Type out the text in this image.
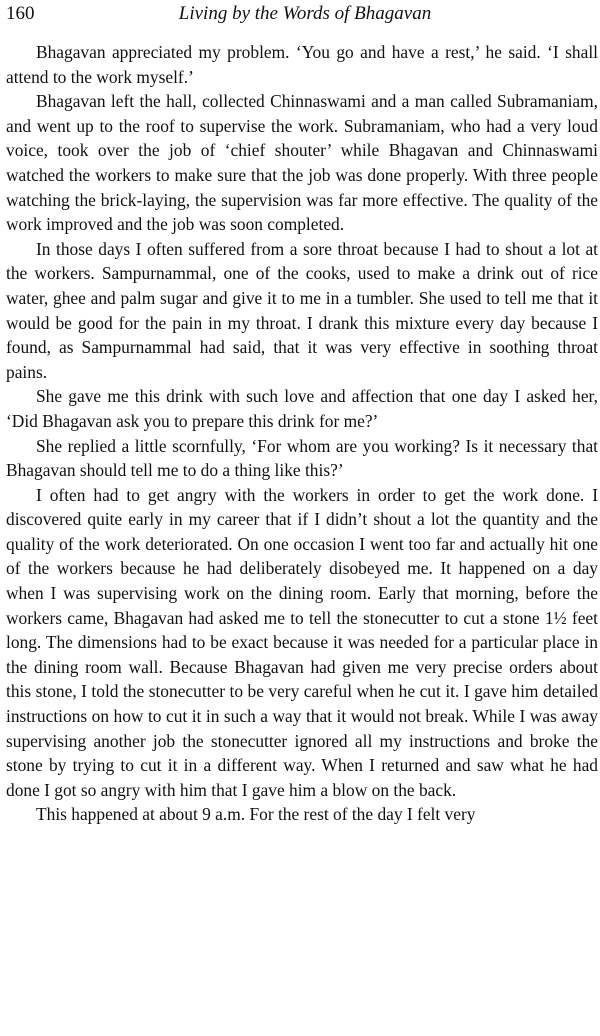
160	Living by the Words of Bhagavan

Bhagavan appreciated my problem. ‘You go and have a rest,’ he said. ‘I shall attend to the work myself.’

Bhagavan left the hall, collected Chinnaswami and a man called Subramaniam, and went up to the roof to supervise the work. Subramaniam, who had a very loud voice, took over the job of ‘chief shouter’ while Bhagavan and Chinnaswami watched the workers to make sure that the job was done properly. With three people watching the brick-laying, the supervision was far more effective. The quality of the work improved and the job was soon completed.

In those days I often suffered from a sore throat because I had to shout a lot at the workers. Sampurnammal, one of the cooks, used to make a drink out of rice water, ghee and palm sugar and give it to me in a tumbler. She used to tell me that it would be good for the pain in my throat. I drank this mixture every day because I found, as Sampurnammal had said, that it was very effective in soothing throat pains.

She gave me this drink with such love and affection that one day I asked her, ‘Did Bhagavan ask you to prepare this drink for me?’

She replied a little scornfully, ‘For whom are you working? Is it necessary that Bhagavan should tell me to do a thing like this?’

I often had to get angry with the workers in order to get the work done. I discovered quite early in my career that if I didn’t shout a lot the quantity and the quality of the work deteriorated. On one occasion I went too far and actually hit one of the workers because he had deliberately disobeyed me. It happened on a day when I was supervising work on the dining room. Early that morning, before the workers came, Bhagavan had asked me to tell the stonecutter to cut a stone 1½ feet long. The dimensions had to be exact because it was needed for a particular place in the dining room wall. Because Bhagavan had given me very precise orders about this stone, I told the stonecutter to be very careful when he cut it. I gave him detailed instructions on how to cut it in such a way that it would not break. While I was away supervising another job the stonecutter ignored all my instructions and broke the stone by trying to cut it in a different way. When I returned and saw what he had done I got so angry with him that I gave him a blow on the back.

This happened at about 9 a.m. For the rest of the day I felt very
